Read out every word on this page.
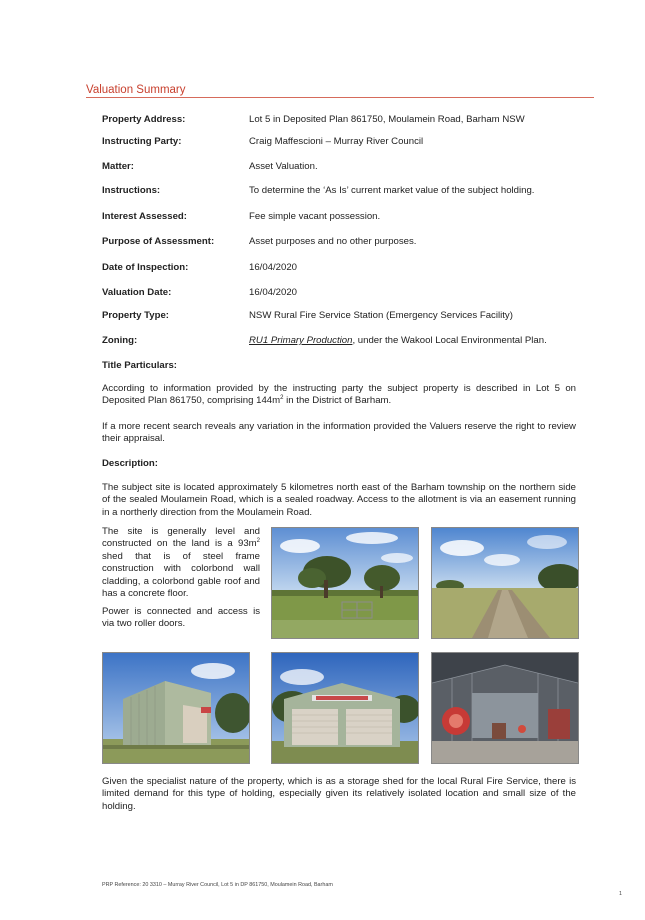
Valuation Summary
Property Address:	Lot 5 in Deposited Plan 861750, Moulamein Road, Barham NSW
Instructing Party:	Craig Maffescioni – Murray River Council
Matter:	Asset Valuation.
Instructions:	To determine the ‘As Is’ current market value of the subject holding.
Interest Assessed:	Fee simple vacant possession.
Purpose of Assessment:	Asset purposes and no other purposes.
Date of Inspection:	16/04/2020
Valuation Date:	16/04/2020
Property Type:	NSW Rural Fire Service Station (Emergency Services Facility)
Zoning:	RU1 Primary Production, under the Wakool Local Environmental Plan.
Title Particulars:

According to information provided by the instructing party the subject property is described in Lot 5 on Deposited Plan 861750, comprising $144m^2$ in the District of Barham.

If a more recent search reveals any variation in the information provided the Valuers reserve the right to review their appraisal.

Description:

The subject site is located approximately 5 kilometres north east of the Barham township on the northern side of the sealed Moulamein Road, which is a sealed roadway. Access to the allotment is via an easement running in a northerly direction from the Moulamein Road.

The site is generally level and constructed on the land is a $93m^2$ shed that is of steel frame construction with colorbond wall cladding, a colorbond gable roof and has a concrete floor.

Power is connected and access is via two roller doors.

Given the specialist nature of the property, which is as a storage shed for the local Rural Fire Service, there is limited demand for this type of holding, especially given its relatively isolated location and small size of the holding.

PRP Reference: 20 3310 – Murray River Council, Lot 5 in DP 861750, Moulamein Road, Barham
1
